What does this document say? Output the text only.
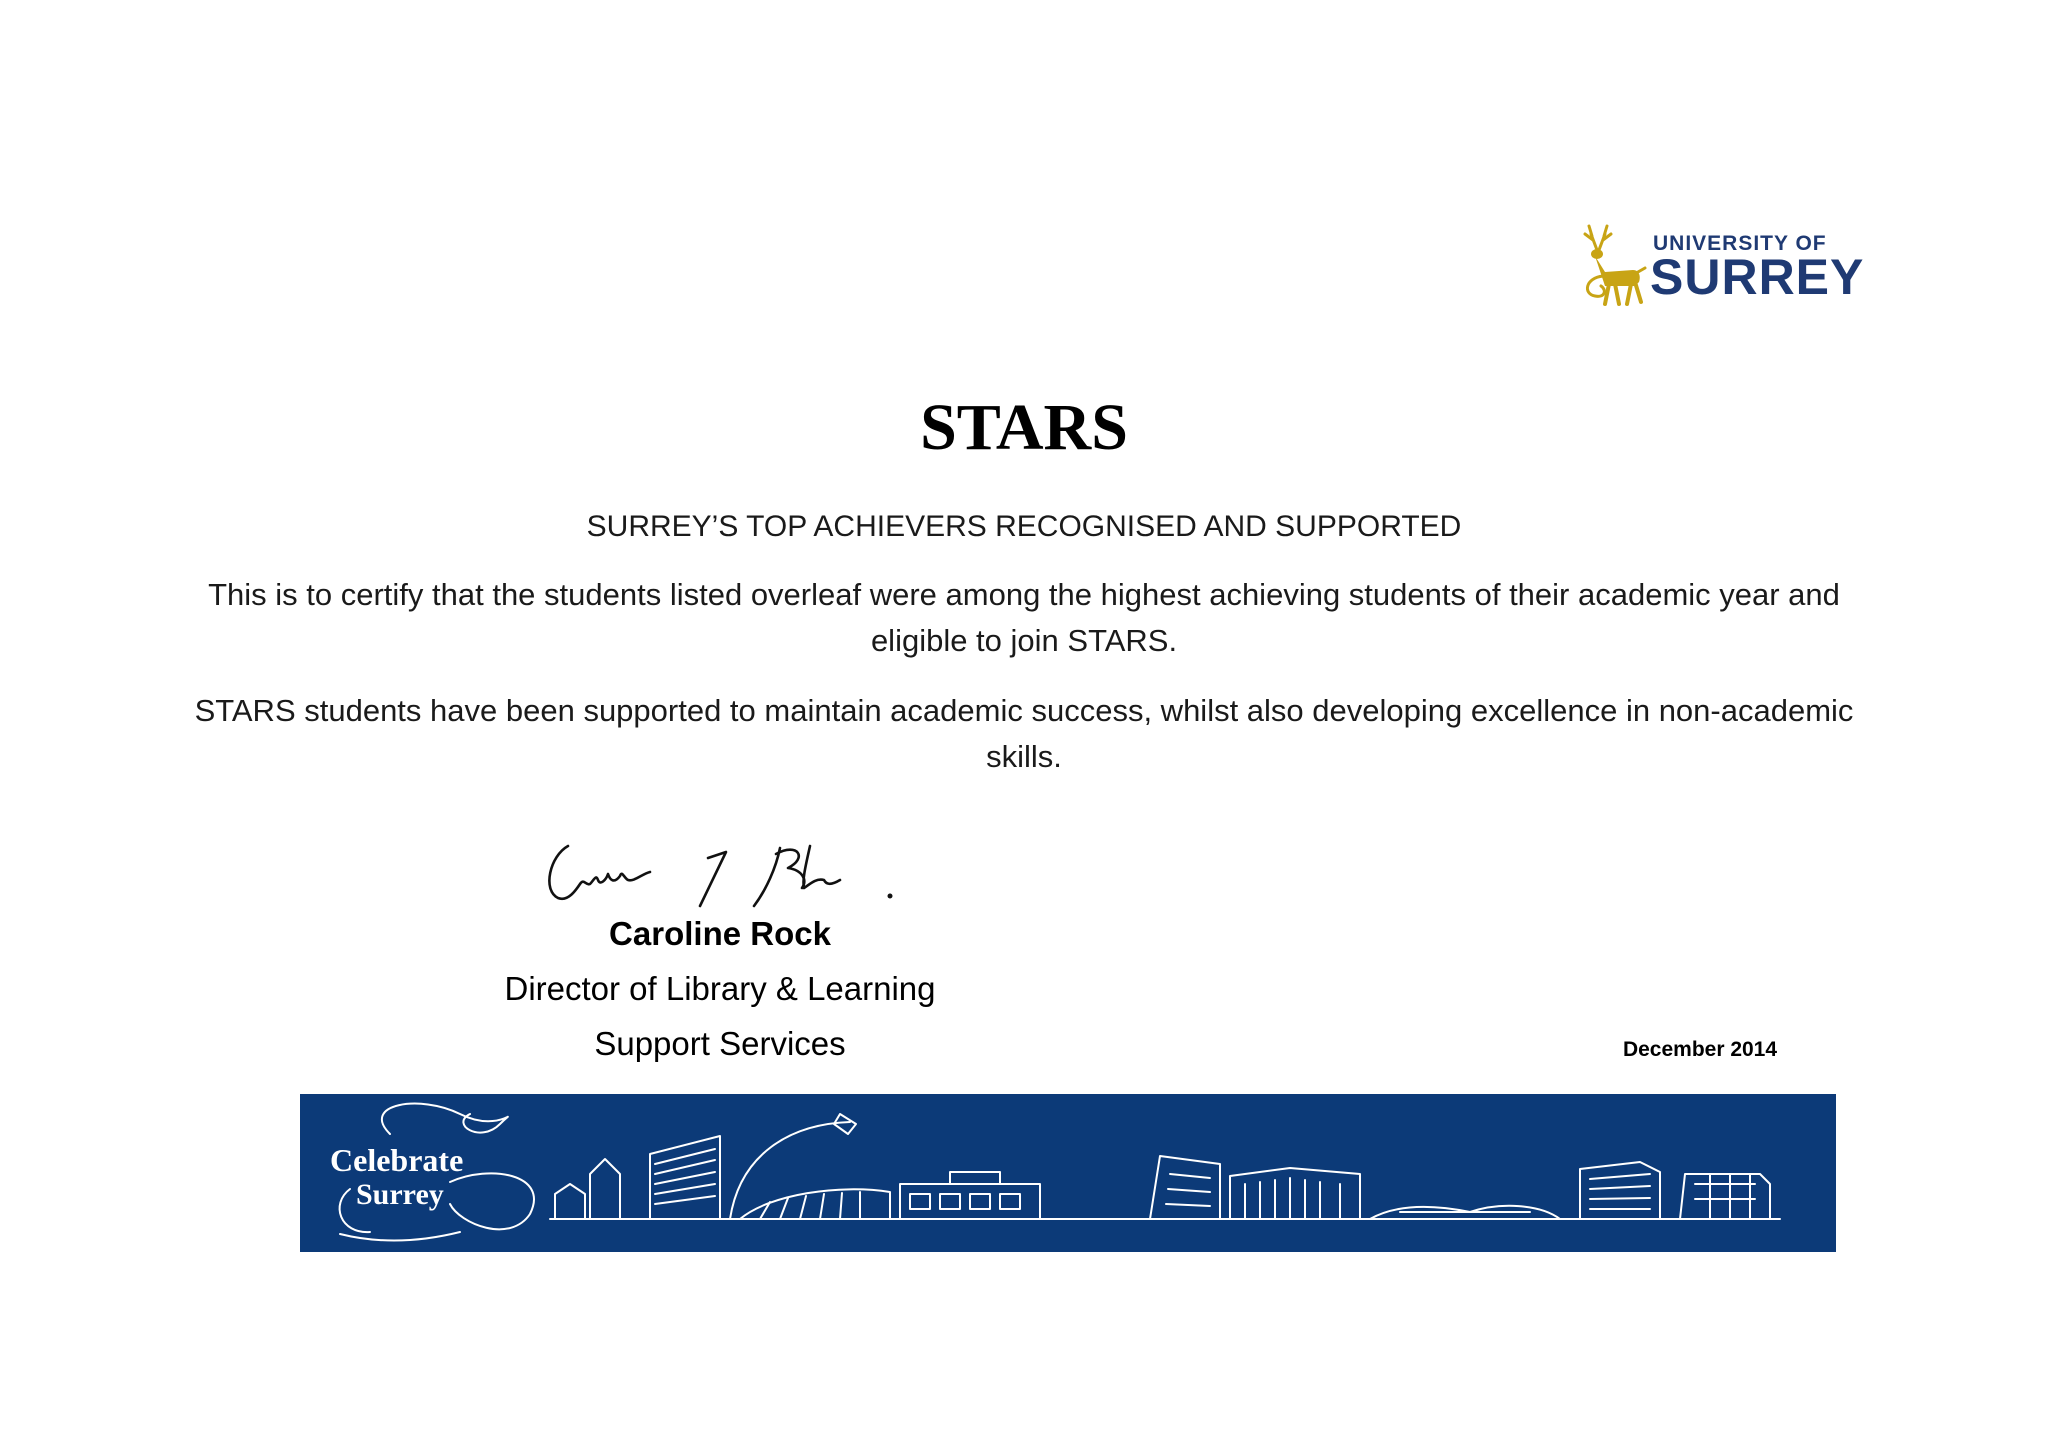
UNIVERSITY OF
SURREY
STARS
SURREY’S TOP ACHIEVERS RECOGNISED AND SUPPORTED
This is to certify that the students listed overleaf were among the highest achieving students of their academic year and eligible to join STARS.
STARS students have been supported to maintain academic success, whilst also developing excellence in non-academic skills.
Caroline Rock
Director of Library & Learning
Support Services	December 2014
Celebrate
Surrey
